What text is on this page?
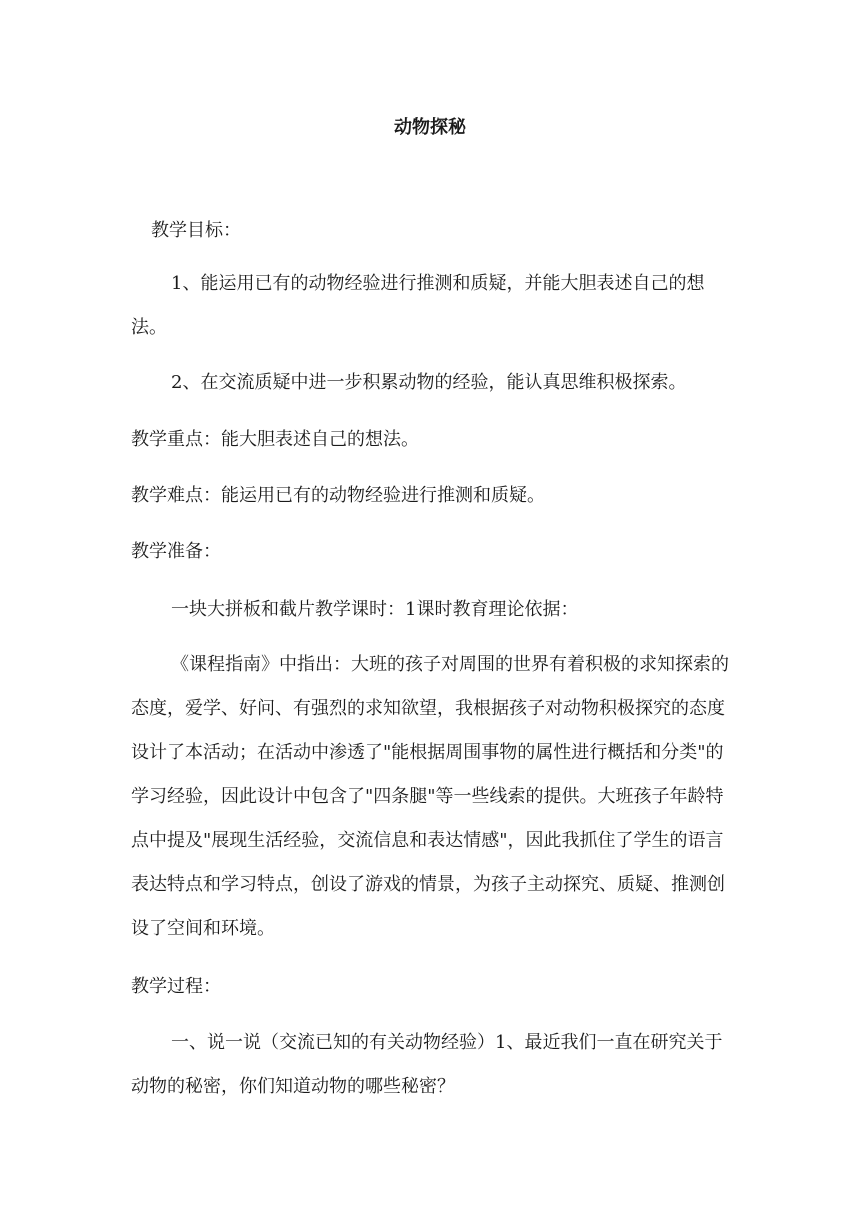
动物探秘

教学目标：

1、能运用已有的动物经验进行推测和质疑，并能大胆表述自己的想法。

2、在交流质疑中进一步积累动物的经验，能认真思维积极探索。

教学重点：能大胆表述自己的想法。

教学难点：能运用已有的动物经验进行推测和质疑。

教学准备：

一块大拼板和截片教学课时：1课时教育理论依据：

《课程指南》中指出：大班的孩子对周围的世界有着积极的求知探索的态度，爱学、好问、有强烈的求知欲望，我根据孩子对动物积极探究的态度设计了本活动；在活动中渗透了"能根据周围事物的属性进行概括和分类"的学习经验，因此设计中包含了"四条腿"等一些线索的提供。大班孩子年龄特点中提及"展现生活经验，交流信息和表达情感"，因此我抓住了学生的语言表达特点和学习特点，创设了游戏的情景，为孩子主动探究、质疑、推测创设了空间和环境。

教学过程：

一、说一说（交流已知的有关动物经验）1、最近我们一直在研究关于动物的秘密，你们知道动物的哪些秘密？
